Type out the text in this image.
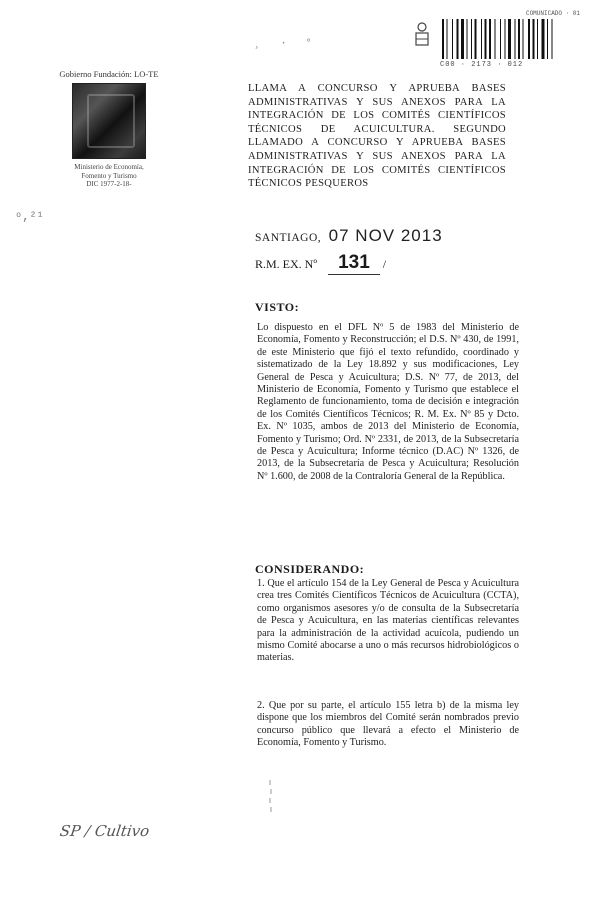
¸ · °
ᵒ,²¹
Gobierno Fundación: LO-TE
Ministerio de Economía,
Fomento y Turismo
DIC 1977-2-18-
COMUNICADO · 01
C00 · 2173 · 012
LLAMA A CONCURSO Y APRUEBA BASES ADMINISTRATIVAS Y SUS ANEXOS PARA LA INTEGRACIÓN DE LOS COMITÉS CIENTÍFICOS TÉCNICOS DE ACUICULTURA. SEGUNDO LLAMADO A CONCURSO Y APRUEBA BASES ADMINISTRATIVAS Y SUS ANEXOS PARA LA INTEGRACIÓN DE LOS COMITÉS CIENTÍFICOS TÉCNICOS PESQUEROS
SANTIAGO, 07 NOV 2013
R.M. EX. Nº 131 /
VISTO:
Lo dispuesto en el DFL Nº 5 de 1983 del Ministerio de Economía, Fomento y Reconstrucción; el D.S. Nº 430, de 1991, de este Ministerio que fijó el texto refundido, coordinado y sistematizado de la Ley 18.892 y sus modificaciones, Ley General de Pesca y Acuicultura; D.S. Nº 77, de 2013, del Ministerio de Economía, Fomento y Turismo que establece el Reglamento de funcionamiento, toma de decisión e integración de los Comités Científicos Técnicos; R. M. Ex. Nº 85 y Dcto. Ex. Nº 1035, ambos de 2013 del Ministerio de Economía, Fomento y Turismo; Ord. Nº 2331, de 2013, de la Subsecretaría de Pesca y Acuicultura; Informe técnico (D.AC) Nº 1326, de 2013, de la Subsecretaría de Pesca y Acuicultura; Resolución Nº 1.600, de 2008 de la Contraloría General de la República.
CONSIDERANDO:
1. Que el artículo 154 de la Ley General de Pesca y Acuicultura crea tres Comités Científicos Técnicos de Acuicultura (CCTA), como organismos asesores y/o de consulta de la Subsecretaría de Pesca y Acuicultura, en las materias científicas relevantes para la administración de la actividad acuícola, pudiendo un mismo Comité abocarse a uno o más recursos hidrobiológicos o materias.
2. Que por su parte, el artículo 155 letra b) de la misma ley dispone que los miembros del Comité serán nombrados previo concurso público que llevará a efecto el Ministerio de Economía, Fomento y Turismo.
SP / Cultivo
